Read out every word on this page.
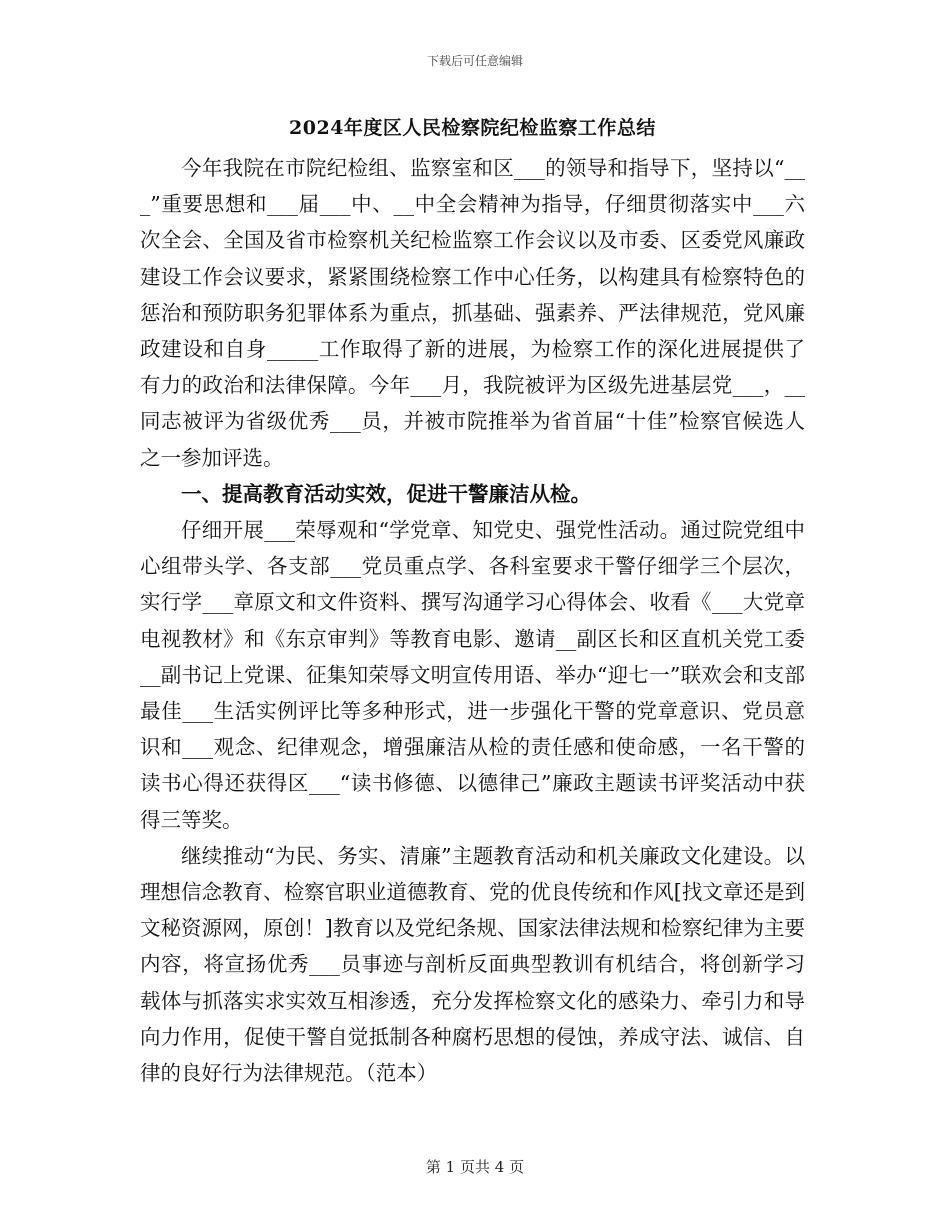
下载后可任意编辑
2024年度区人民检察院纪检监察工作总结

今年我院在市院纪检组、监察室和区___的领导和指导下，坚持以“___”重要思想和___届___中、__中全会精神为指导，仔细贯彻落实中___六次全会、全国及省市检察机关纪检监察工作会议以及市委、区委党风廉政建设工作会议要求，紧紧围绕检察工作中心任务，以构建具有检察特色的惩治和预防职务犯罪体系为重点，抓基础、强素养、严法律规范，党风廉政建设和自身_____工作取得了新的进展，为检察工作的深化进展提供了有力的政治和法律保障。今年___月，我院被评为区级先进基层党___，__同志被评为省级优秀___员，并被市院推举为省首届“十佳”检察官候选人之一参加评选。

一、提高教育活动实效，促进干警廉洁从检。

仔细开展___荣辱观和“学党章、知党史、强党性活动。通过院党组中心组带头学、各支部___党员重点学、各科室要求干警仔细学三个层次，实行学___章原文和文件资料、撰写沟通学习心得体会、收看《___大党章电视教材》和《东京审判》等教育电影、邀请__副区长和区直机关党工委__副书记上党课、征集知荣辱文明宣传用语、举办“迎七一”联欢会和支部最佳___生活实例评比等多种形式，进一步强化干警的党章意识、党员意识和___观念、纪律观念，增强廉洁从检的责任感和使命感，一名干警的读书心得还获得区___“读书修德、以德律己”廉政主题读书评奖活动中获得三等奖。

继续推动“为民、务实、清廉”主题教育活动和机关廉政文化建设。以理想信念教育、检察官职业道德教育、党的优良传统和作风[找文章还是到文秘资源网，原创！]教育以及党纪条规、国家法律法规和检察纪律为主要内容，将宣扬优秀___员事迹与剖析反面典型教训有机结合，将创新学习载体与抓落实求实效互相渗透，充分发挥检察文化的感染力、牵引力和导向力作用，促使干警自觉抵制各种腐朽思想的侵蚀，养成守法、诚信、自律的良好行为法律规范。（范本）

第 1 页共 4 页
